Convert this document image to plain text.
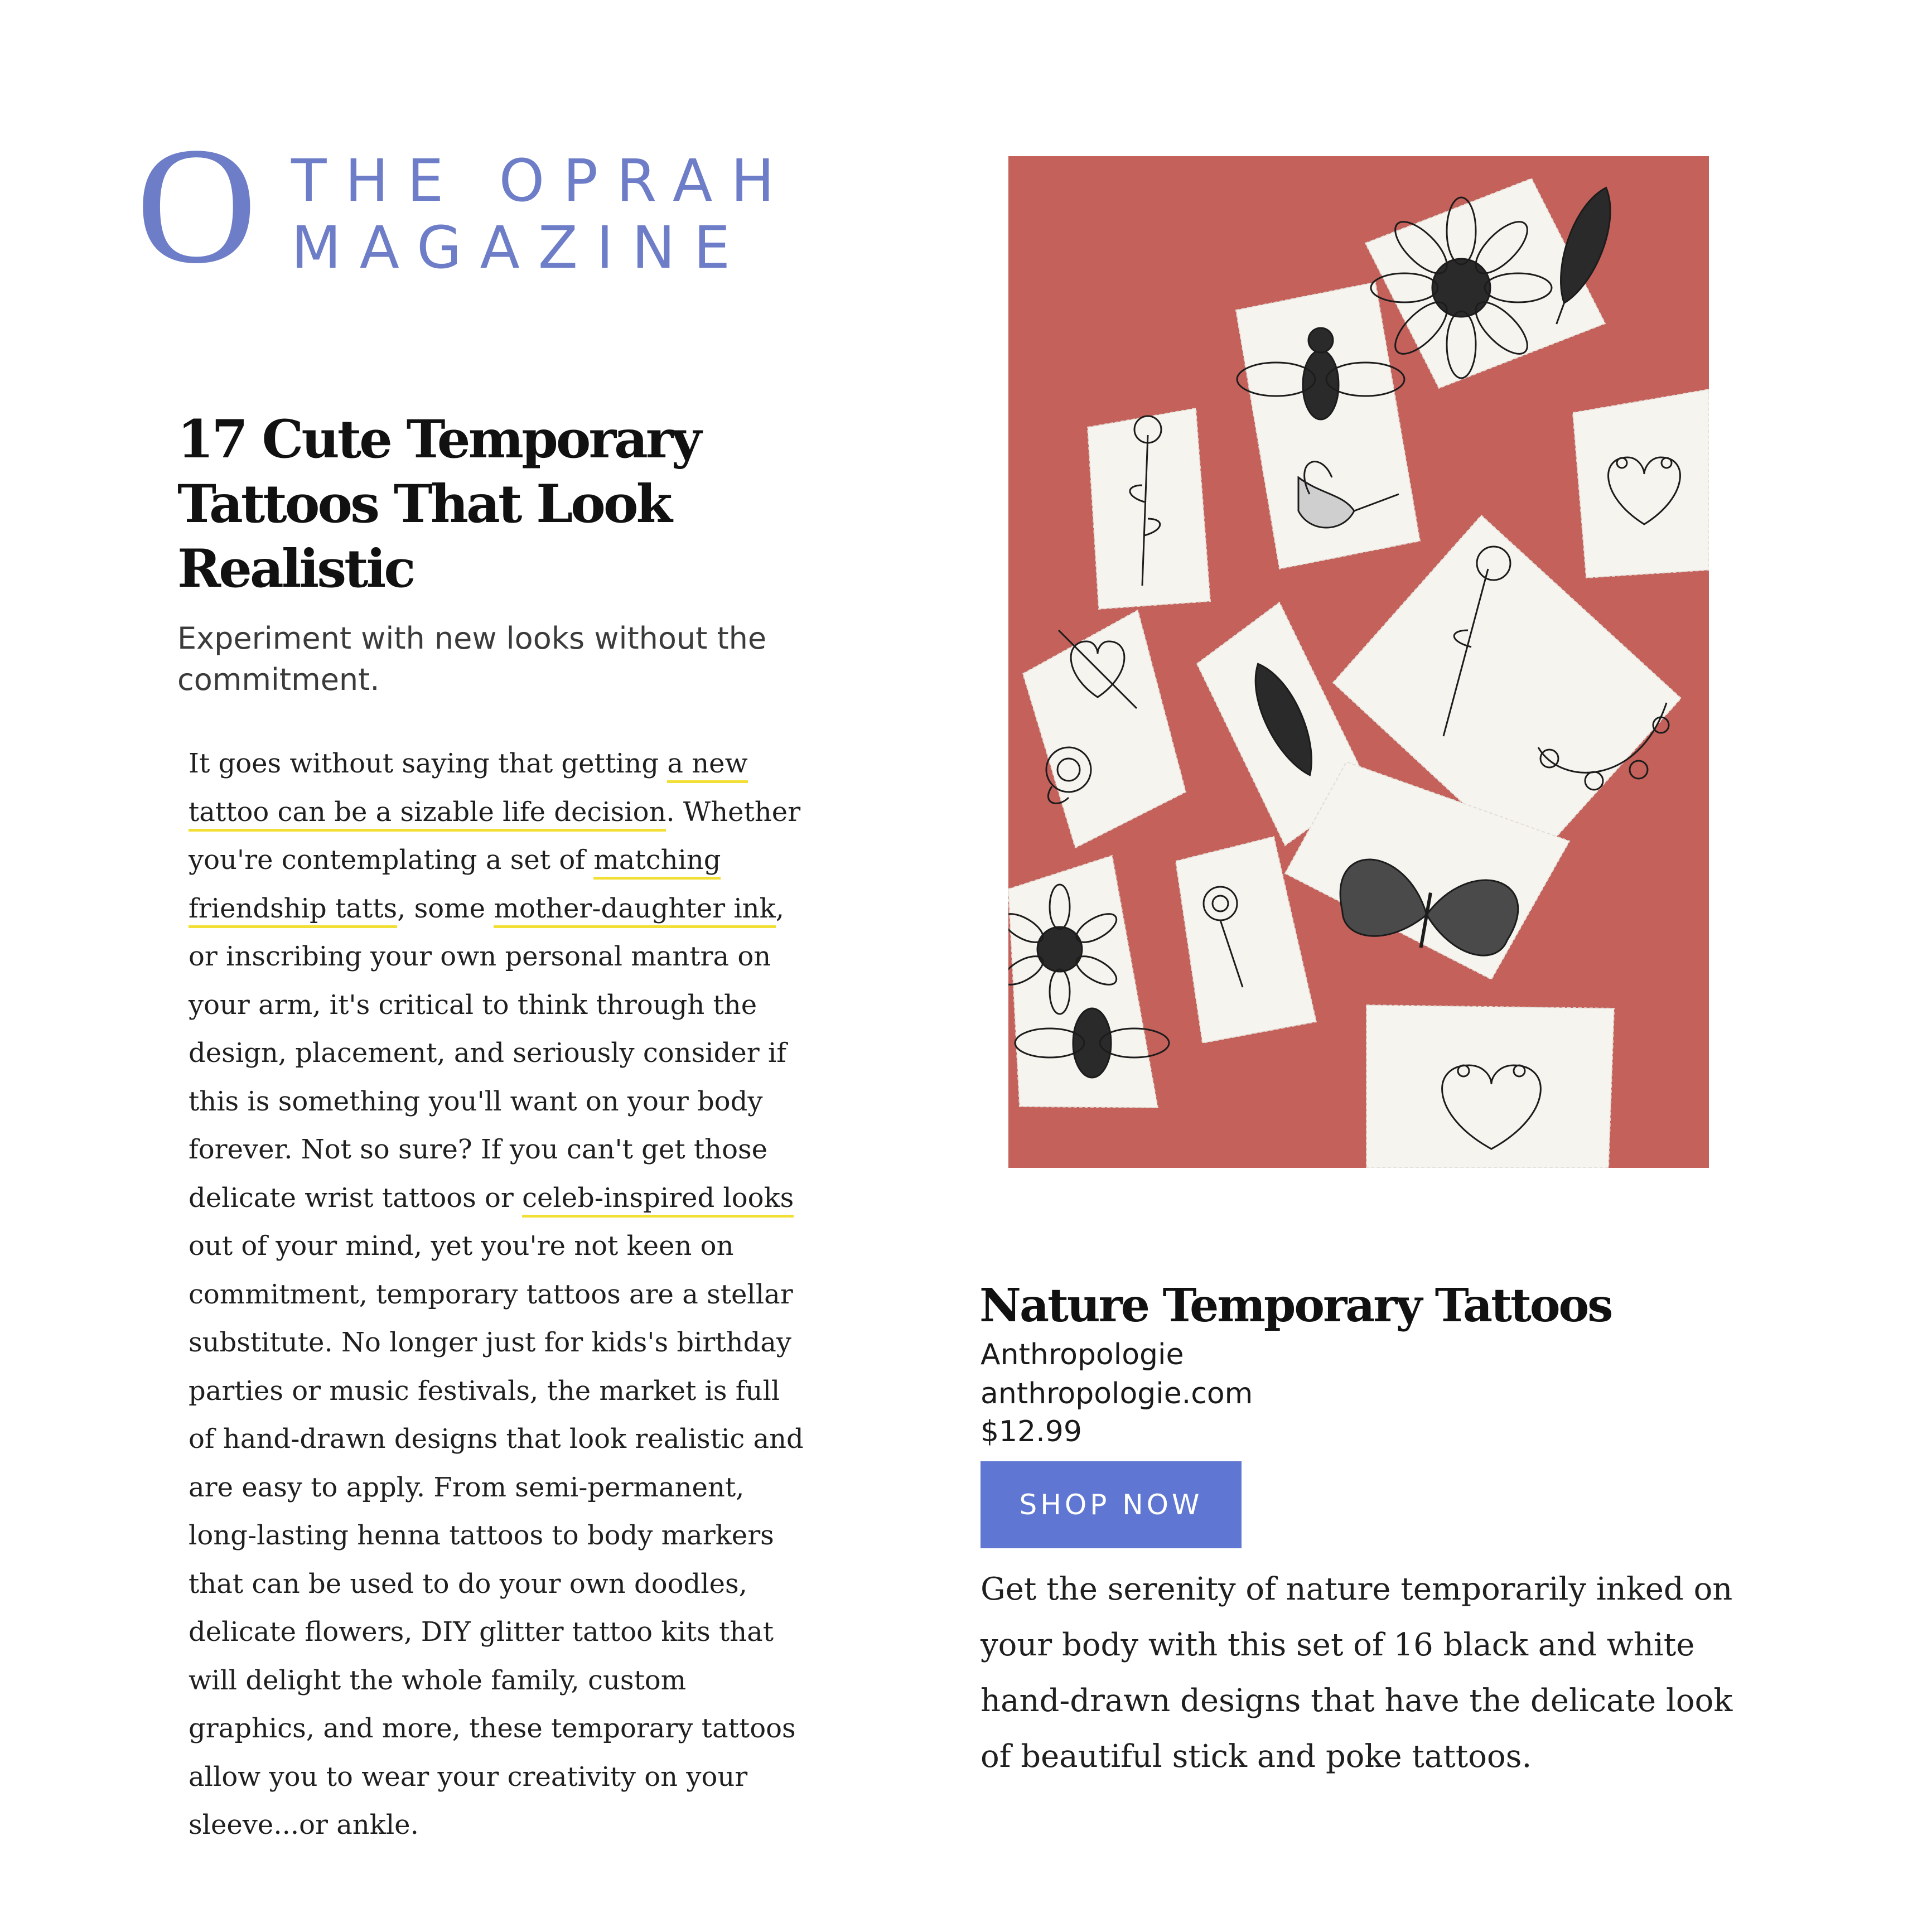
O THE OPRAH
MAGAZINE
17 Cute Temporary Tattoos That Look Realistic

Experiment with new looks without the commitment.

It goes without saying that getting a new tattoo can be a sizable life decision. Whether you're contemplating a set of matching friendship tatts, some mother-daughter ink, or inscribing your own personal mantra on your arm, it's critical to think through the design, placement, and seriously consider if this is something you'll want on your body forever. Not so sure? If you can't get those delicate wrist tattoos or celeb-inspired looks out of your mind, yet you're not keen on commitment, temporary tattoos are a stellar substitute. No longer just for kids's birthday parties or music festivals, the market is full of hand-drawn designs that look realistic and are easy to apply. From semi-permanent, long-lasting henna tattoos to body markers that can be used to do your own doodles, delicate flowers, DIY glitter tattoo kits that will delight the whole family, custom graphics, and more, these temporary tattoos allow you to wear your creativity on your sleeve...or ankle.

Nature Temporary Tattoos
Anthropologie
anthropologie.com
$12.99
SHOP NOW

Get the serenity of nature temporarily inked on your body with this set of 16 black and white hand-drawn designs that have the delicate look of beautiful stick and poke tattoos.
